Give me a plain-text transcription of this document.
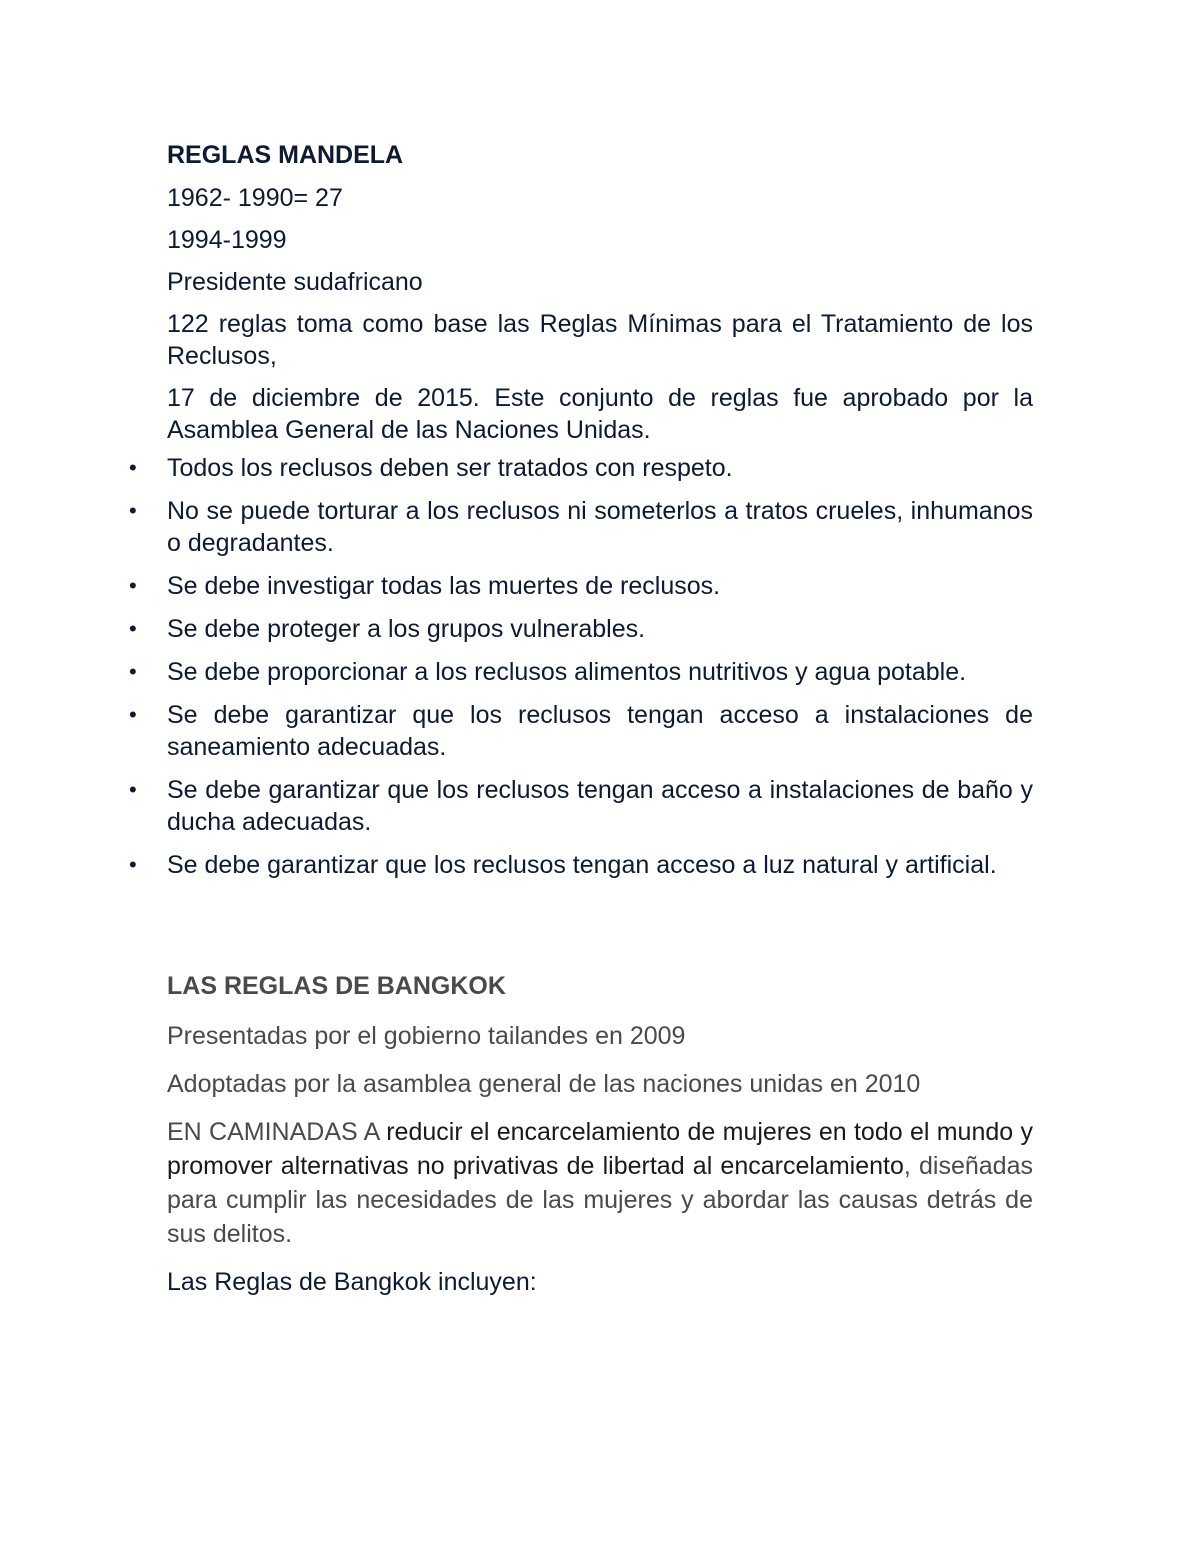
REGLAS MANDELA

1962- 1990= 27

1994-1999

Presidente sudafricano

122 reglas toma como base las Reglas Mínimas para el Tratamiento de los Reclusos,

17 de diciembre de 2015. Este conjunto de reglas fue aprobado por la Asamblea General de las Naciones Unidas.

• Todos los reclusos deben ser tratados con respeto.
• No se puede torturar a los reclusos ni someterlos a tratos crueles, inhumanos o degradantes.
• Se debe investigar todas las muertes de reclusos.
• Se debe proteger a los grupos vulnerables.
• Se debe proporcionar a los reclusos alimentos nutritivos y agua potable.
• Se debe garantizar que los reclusos tengan acceso a instalaciones de saneamiento adecuadas.
• Se debe garantizar que los reclusos tengan acceso a instalaciones de baño y ducha adecuadas.
• Se debe garantizar que los reclusos tengan acceso a luz natural y artificial.
LAS REGLAS DE BANGKOK

Presentadas por el gobierno tailandes en 2009

Adoptadas por la asamblea general de las naciones unidas en 2010

EN CAMINADAS A reducir el encarcelamiento de mujeres en todo el mundo y promover alternativas no privativas de libertad al encarcelamiento, diseñadas para cumplir las necesidades de las mujeres y abordar las causas detrás de sus delitos.

Las Reglas de Bangkok incluyen:
